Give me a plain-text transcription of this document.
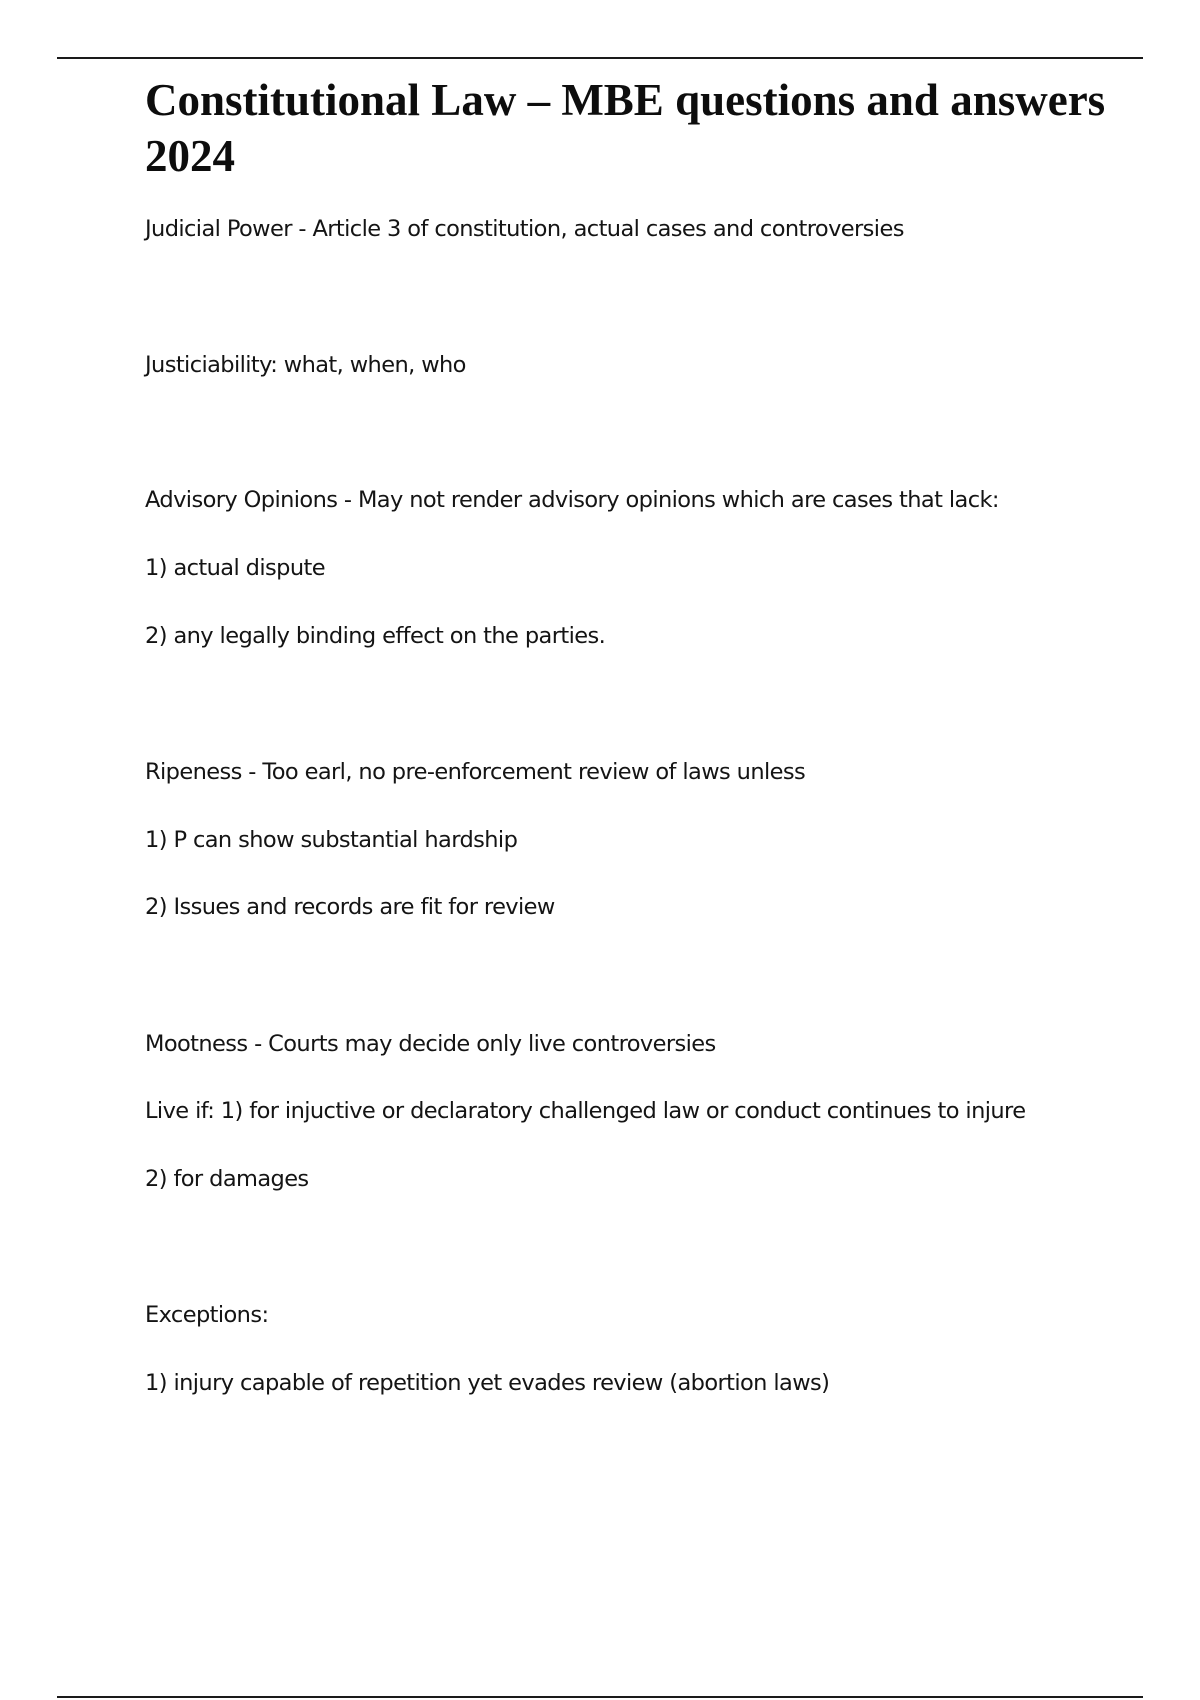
Constitutional Law – MBE questions and answers 2024

Judicial Power - Article 3 of constitution, actual cases and controversies

Justiciability: what, when, who

Advisory Opinions - May not render advisory opinions which are cases that lack:

1) actual dispute

2) any legally binding effect on the parties.

Ripeness - Too earl, no pre-enforcement review of laws unless

1) P can show substantial hardship

2) Issues and records are fit for review

Mootness - Courts may decide only live controversies

Live if: 1) for injuctive or declaratory challenged law or conduct continues to injure

2) for damages

Exceptions:

1) injury capable of repetition yet evades review (abortion laws)
